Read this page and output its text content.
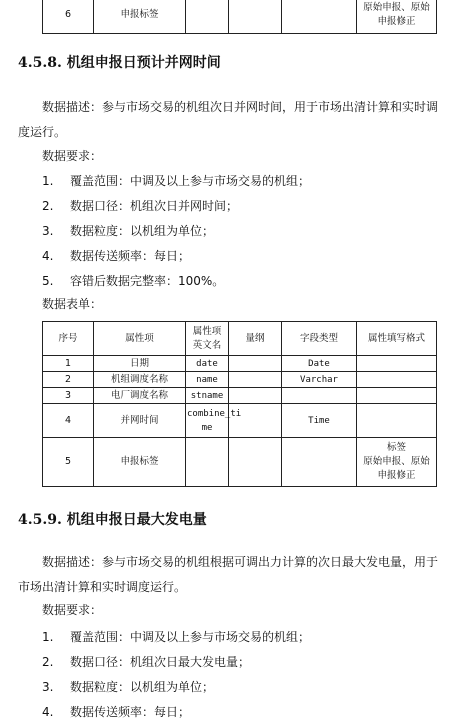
6	申报标签				
原始申报、原始
申报修正
4.5.8. 机组申报日预计并网时间
数据描述：参与市场交易的机组次日并网时间，用于市场出清计算和实时调
度运行。
数据要求：
1. 覆盖范围：中调及以上参与市场交易的机组；
2. 数据口径：机组次日并网时间；
3. 数据粒度：以机组为单位；
4. 数据传送频率：每日；
5. 容错后数据完整率：100%。
数据表单：
序号	属性项	属性项
英文名	量纲	字段类型	属性填写格式
1	日期	date		Date	
2	机组调度名称	name		Varchar	
3	电厂调度名称	stname			
4	并网时间	combine_ti
me		Time	
5	申报标签				标签
原始申报、原始
申报修正
4.5.9. 机组申报日最大发电量
数据描述：参与市场交易的机组根据可调出力计算的次日最大发电量，用于
市场出清计算和实时调度运行。
数据要求：
1. 覆盖范围：中调及以上参与市场交易的机组；
2. 数据口径：机组次日最大发电量；
3. 数据粒度：以机组为单位；
4. 数据传送频率：每日；
